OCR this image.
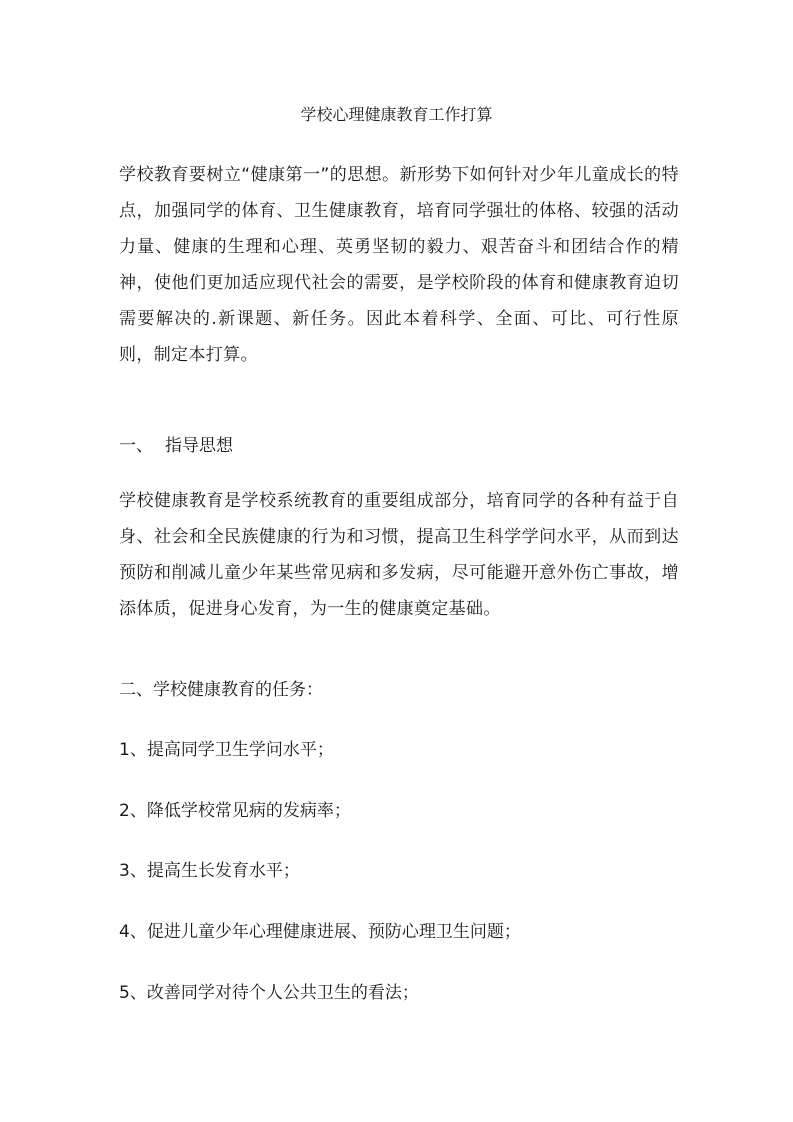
学校心理健康教育工作打算

学校教育要树立“健康第一”的思想。新形势下如何针对少年儿童成长的特点，加强同学的体育、卫生健康教育，培育同学强壮的体格、较强的活动力量、健康的生理和心理、英勇坚韧的毅力、艰苦奋斗和团结合作的精神，使他们更加适应现代社会的需要，是学校阶段的体育和健康教育迫切需要解决的.新课题、新任务。因此本着科学、全面、可比、可行性原则，制定本打算。

一、 指导思想

学校健康教育是学校系统教育的重要组成部分，培育同学的各种有益于自身、社会和全民族健康的行为和习惯，提高卫生科学学问水平，从而到达预防和削减儿童少年某些常见病和多发病，尽可能避开意外伤亡事故，增添体质，促进身心发育，为一生的健康奠定基础。

二、学校健康教育的任务：

1、提高同学卫生学问水平；

2、降低学校常见病的发病率；

3、提高生长发育水平；

4、促进儿童少年心理健康进展、预防心理卫生问题；

5、改善同学对待个人公共卫生的看法；
